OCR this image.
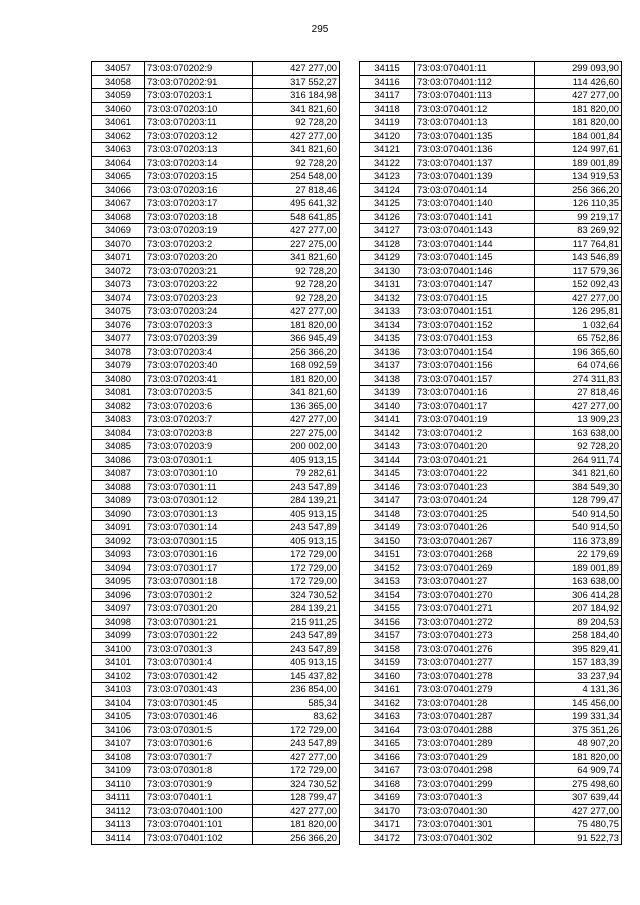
295
34057	73:03:070202:9	427 277,00
34058	73:03:070202:91	317 552,27
34059	73:03:070203:1	316 184,98
34060	73:03:070203:10	341 821,60
34061	73:03:070203:11	92 728,20
34062	73:03:070203:12	427 277,00
34063	73:03:070203:13	341 821,60
34064	73:03:070203:14	92 728,20
34065	73:03:070203:15	254 548,00
34066	73:03:070203:16	27 818,46
34067	73:03:070203:17	495 641,32
34068	73:03:070203:18	548 641,85
34069	73:03:070203:19	427 277,00
34070	73:03:070203:2	227 275,00
34071	73:03:070203:20	341 821,60
34072	73:03:070203:21	92 728,20
34073	73:03:070203:22	92 728,20
34074	73:03:070203:23	92 728,20
34075	73:03:070203:24	427 277,00
34076	73:03:070203:3	181 820,00
34077	73:03:070203:39	366 945,49
34078	73:03:070203:4	256 366,20
34079	73:03:070203:40	168 092,59
34080	73:03:070203:41	181 820,00
34081	73:03:070203:5	341 821,60
34082	73:03:070203:6	136 365,00
34083	73:03:070203:7	427 277,00
34084	73:03:070203:8	227 275,00
34085	73:03:070203:9	200 002,00
34086	73:03:070301:1	405 913,15
34087	73:03:070301:10	79 282,61
34088	73:03:070301:11	243 547,89
34089	73:03:070301:12	284 139,21
34090	73:03:070301:13	405 913,15
34091	73:03:070301:14	243 547,89
34092	73:03:070301:15	405 913,15
34093	73:03:070301:16	172 729,00
34094	73:03:070301:17	172 729,00
34095	73:03:070301:18	172 729,00
34096	73:03:070301:2	324 730,52
34097	73:03:070301:20	284 139,21
34098	73:03:070301:21	215 911,25
34099	73:03:070301:22	243 547,89
34100	73:03:070301:3	243 547,89
34101	73:03:070301:4	405 913,15
34102	73:03:070301:42	145 437,82
34103	73:03:070301:43	236 854,00
34104	73:03:070301:45	585,34
34105	73:03:070301:46	83,62
34106	73:03:070301:5	172 729,00
34107	73:03:070301:6	243 547,89
34108	73:03:070301:7	427 277,00
34109	73:03:070301:8	172 729,00
34110	73:03:070301:9	324 730,52
34111	73:03:070401:1	128 799,47
34112	73:03:070401:100	427 277,00
34113	73:03:070401:101	181 820,00
34114	73:03:070401:102	256 366,20
34115	73:03:070401:11	299 093,90
34116	73:03:070401:112	114 426,60
34117	73:03:070401:113	427 277,00
34118	73:03:070401:12	181 820,00
34119	73:03:070401:13	181 820,00
34120	73:03:070401:135	184 001,84
34121	73:03:070401:136	124 997,61
34122	73:03:070401:137	189 001,89
34123	73:03:070401:139	134 919,53
34124	73:03:070401:14	256 366,20
34125	73:03:070401:140	126 110,35
34126	73:03:070401:141	99 219,17
34127	73:03:070401:143	83 269,92
34128	73:03:070401:144	117 764,81
34129	73:03:070401:145	143 546,89
34130	73:03:070401:146	117 579,36
34131	73:03:070401:147	152 092,43
34132	73:03:070401:15	427 277,00
34133	73:03:070401:151	126 295,81
34134	73:03:070401:152	1 032,64
34135	73:03:070401:153	65 752,86
34136	73:03:070401:154	196 365,60
34137	73:03:070401:156	64 074,66
34138	73:03:070401:157	274 311,83
34139	73:03:070401:16	27 818,46
34140	73:03:070401:17	427 277,00
34141	73:03:070401:19	13 909,23
34142	73:03:070401:2	163 638,00
34143	73:03:070401:20	92 728,20
34144	73:03:070401:21	264 911,74
34145	73:03:070401:22	341 821,60
34146	73:03:070401:23	384 549,30
34147	73:03:070401:24	128 799,47
34148	73:03:070401:25	540 914,50
34149	73:03:070401:26	540 914,50
34150	73:03:070401:267	116 373,89
34151	73:03:070401:268	22 179,69
34152	73:03:070401:269	189 001,89
34153	73:03:070401:27	163 638,00
34154	73:03:070401:270	306 414,28
34155	73:03:070401:271	207 184,92
34156	73:03:070401:272	89 204,53
34157	73:03:070401:273	258 184,40
34158	73:03:070401:276	395 829,41
34159	73:03:070401:277	157 183,39
34160	73:03:070401:278	33 237,94
34161	73:03:070401:279	4 131,36
34162	73:03:070401:28	145 456,00
34163	73:03:070401:287	199 331,34
34164	73:03:070401:288	375 351,26
34165	73:03:070401:289	48 907,20
34166	73:03:070401:29	181 820,00
34167	73:03:070401:298	64 909,74
34168	73:03:070401:299	275 498,60
34169	73:03:070401:3	307 639,44
34170	73:03:070401:30	427 277,00
34171	73:03:070401:301	75 480,75
34172	73:03:070401:302	91 522,73
